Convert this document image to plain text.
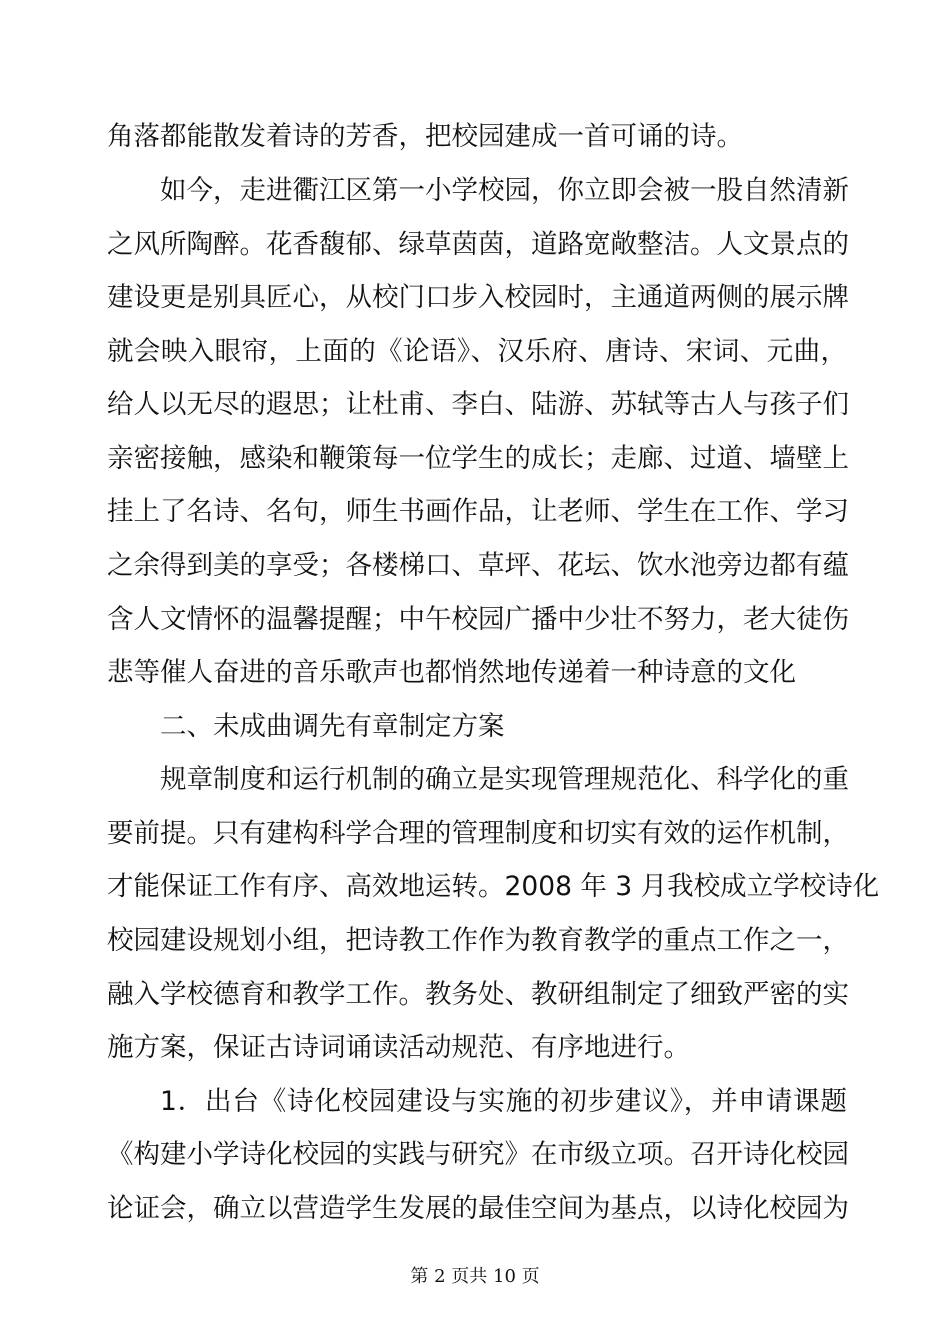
角落都能散发着诗的芳香，把校园建成一首可诵的诗。
如今，走进衢江区第一小学校园，你立即会被一股自然清新
之风所陶醉。花香馥郁、绿草茵茵，道路宽敞整洁。人文景点的
建设更是别具匠心，从校门口步入校园时，主通道两侧的展示牌
就会映入眼帘，上面的《论语》、汉乐府、唐诗、宋词、元曲，
给人以无尽的遐思；让杜甫、李白、陆游、苏轼等古人与孩子们
亲密接触，感染和鞭策每一位学生的成长；走廊、过道、墙壁上
挂上了名诗、名句，师生书画作品，让老师、学生在工作、学习
之余得到美的享受；各楼梯口、草坪、花坛、饮水池旁边都有蕴
含人文情怀的温馨提醒；中午校园广播中少壮不努力，老大徒伤
悲等催人奋进的音乐歌声也都悄然地传递着一种诗意的文化
二、未成曲调先有章制定方案
规章制度和运行机制的确立是实现管理规范化、科学化的重
要前提。只有建构科学合理的管理制度和切实有效的运作机制，
才能保证工作有序、高效地运转。2008 年 3 月我校成立学校诗化
校园建设规划小组，把诗教工作作为教育教学的重点工作之一，
融入学校德育和教学工作。教务处、教研组制定了细致严密的实
施方案，保证古诗词诵读活动规范、有序地进行。
1．出台《诗化校园建设与实施的初步建议》，并申请课题
《构建小学诗化校园的实践与研究》在市级立项。召开诗化校园
论证会，确立以营造学生发展的最佳空间为基点，以诗化校园为
第 2 页共 10 页
